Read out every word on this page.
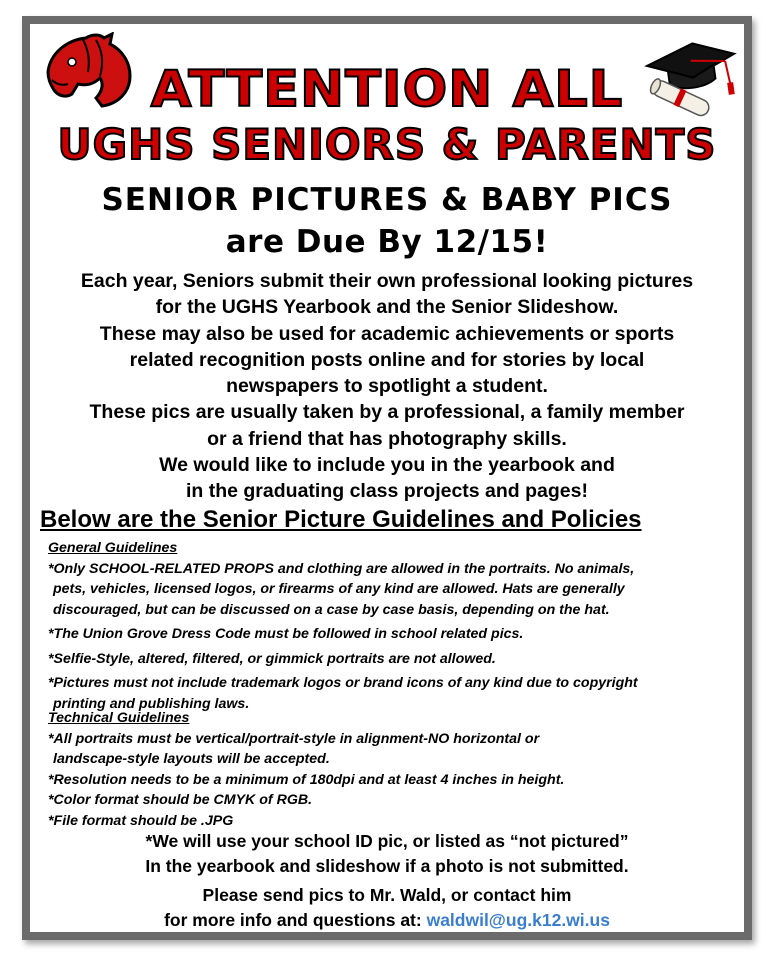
ATTENTION ALL
UGHS SENIORS & PARENTS
SENIOR PICTURES & BABY PICS
are Due By 12/15!
Each year, Seniors submit their own professional looking pictures
for the UGHS Yearbook and the Senior Slideshow.
These may also be used for academic achievements or sports
related recognition posts online and for stories by local
newspapers to spotlight a student.
These pics are usually taken by a professional, a family member
or a friend that has photography skills.
We would like to include you in the yearbook and
in the graduating class projects and pages!
Below are the Senior Picture Guidelines and Policies
General Guidelines
*Only SCHOOL-RELATED PROPS and clothing are allowed in the portraits. No animals,
pets, vehicles, licensed logos, or firearms of any kind are allowed. Hats are generally
discouraged, but can be discussed on a case by case basis, depending on the hat.
*The Union Grove Dress Code must be followed in school related pics.
*Selfie-Style, altered, filtered, or gimmick portraits are not allowed.
*Pictures must not include trademark logos or brand icons of any kind due to copyright
printing and publishing laws.
Technical Guidelines
*All portraits must be vertical/portrait-style in alignment-NO horizontal or
landscape-style layouts will be accepted.
*Resolution needs to be a minimum of 180dpi and at least 4 inches in height.
*Color format should be CMYK of RGB.
*File format should be .JPG
*We will use your school ID pic, or listed as “not pictured”
In the yearbook and slideshow if a photo is not submitted.
Please send pics to Mr. Wald, or contact him
for more info and questions at: waldwil@ug.k12.wi.us
